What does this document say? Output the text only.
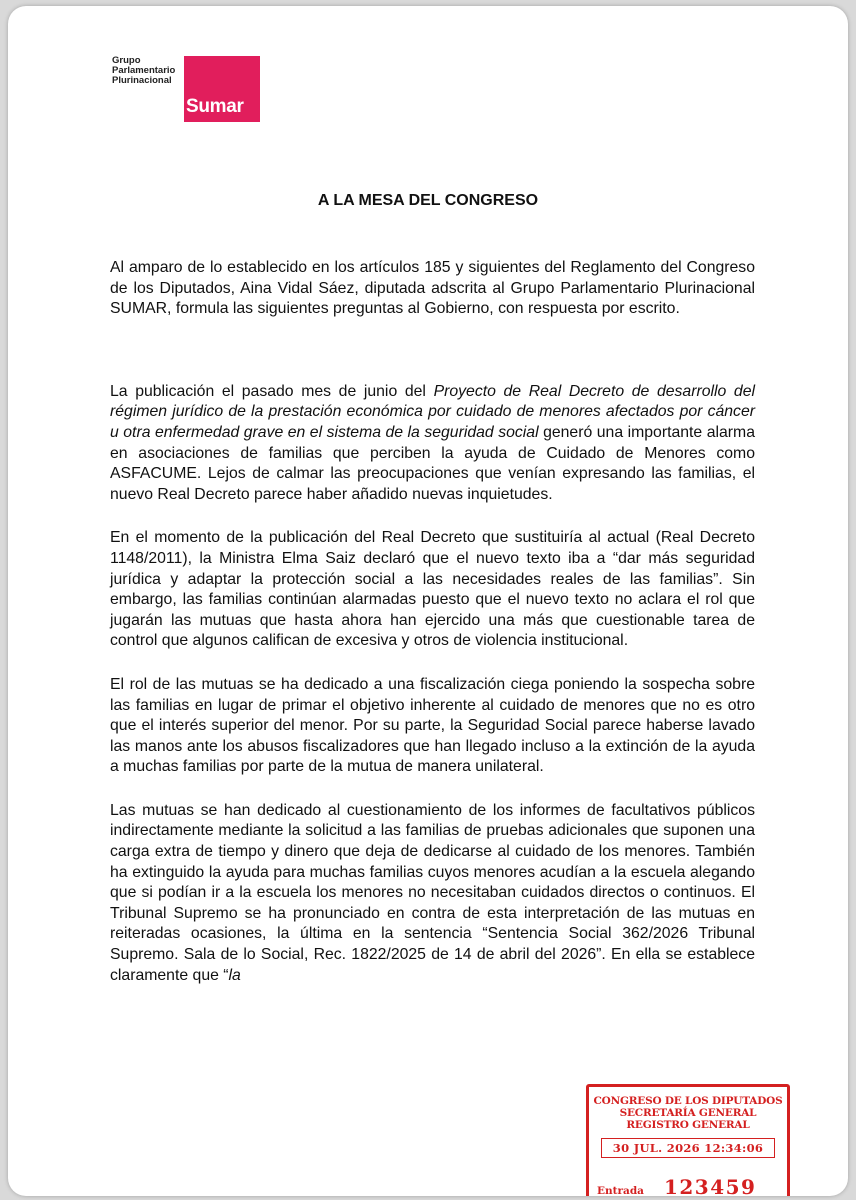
Grupo
Parlamentario
Plurinacional
Sumar
A LA MESA DEL CONGRESO

Al amparo de lo establecido en los artículos 185 y siguientes del Reglamento del Congreso de los Diputados, Aina Vidal Sáez, diputada adscrita al Grupo Parlamentario Plurinacional SUMAR, formula las siguientes preguntas al Gobierno, con respuesta por escrito.

La publicación el pasado mes de junio del Proyecto de Real Decreto de desarrollo del régimen jurídico de la prestación económica por cuidado de menores afectados por cáncer u otra enfermedad grave en el sistema de la seguridad social generó una importante alarma en asociaciones de familias que perciben la ayuda de Cuidado de Menores como ASFACUME. Lejos de calmar las preocupaciones que venían expresando las familias, el nuevo Real Decreto parece haber añadido nuevas inquietudes.

En el momento de la publicación del Real Decreto que sustituiría al actual (Real Decreto 1148/2011), la Ministra Elma Saiz declaró que el nuevo texto iba a “dar más seguridad jurídica y adaptar la protección social a las necesidades reales de las familias”. Sin embargo, las familias continúan alarmadas puesto que el nuevo texto no aclara el rol que jugarán las mutuas que hasta ahora han ejercido una más que cuestionable tarea de control que algunos califican de excesiva y otros de violencia institucional.

El rol de las mutuas se ha dedicado a una fiscalización ciega poniendo la sospecha sobre las familias en lugar de primar el objetivo inherente al cuidado de menores que no es otro que el interés superior del menor. Por su parte, la Seguridad Social parece haberse lavado las manos ante los abusos fiscalizadores que han llegado incluso a la extinción de la ayuda a muchas familias por parte de la mutua de manera unilateral.

Las mutuas se han dedicado al cuestionamiento de los informes de facultativos públicos indirectamente mediante la solicitud a las familias de pruebas adicionales que suponen una carga extra de tiempo y dinero que deja de dedicarse al cuidado de los menores. También ha extinguido la ayuda para muchas familias cuyos menores acudían a la escuela alegando que si podían ir a la escuela los menores no necesitaban cuidados directos o continuos. El Tribunal Supremo se ha pronunciado en contra de esta interpretación de las mutuas en reiteradas ocasiones, la última en la sentencia “Sentencia Social 362/2026 Tribunal Supremo. Sala de lo Social, Rec. 1822/2025 de 14 de abril del 2026”. En ella se establece claramente que “la

CONGRESO DE LOS DIPUTADOS
SECRETARÍA GENERAL
REGISTRO GENERAL
30 JUL. 2026 12:34:06
Entrada 123459
